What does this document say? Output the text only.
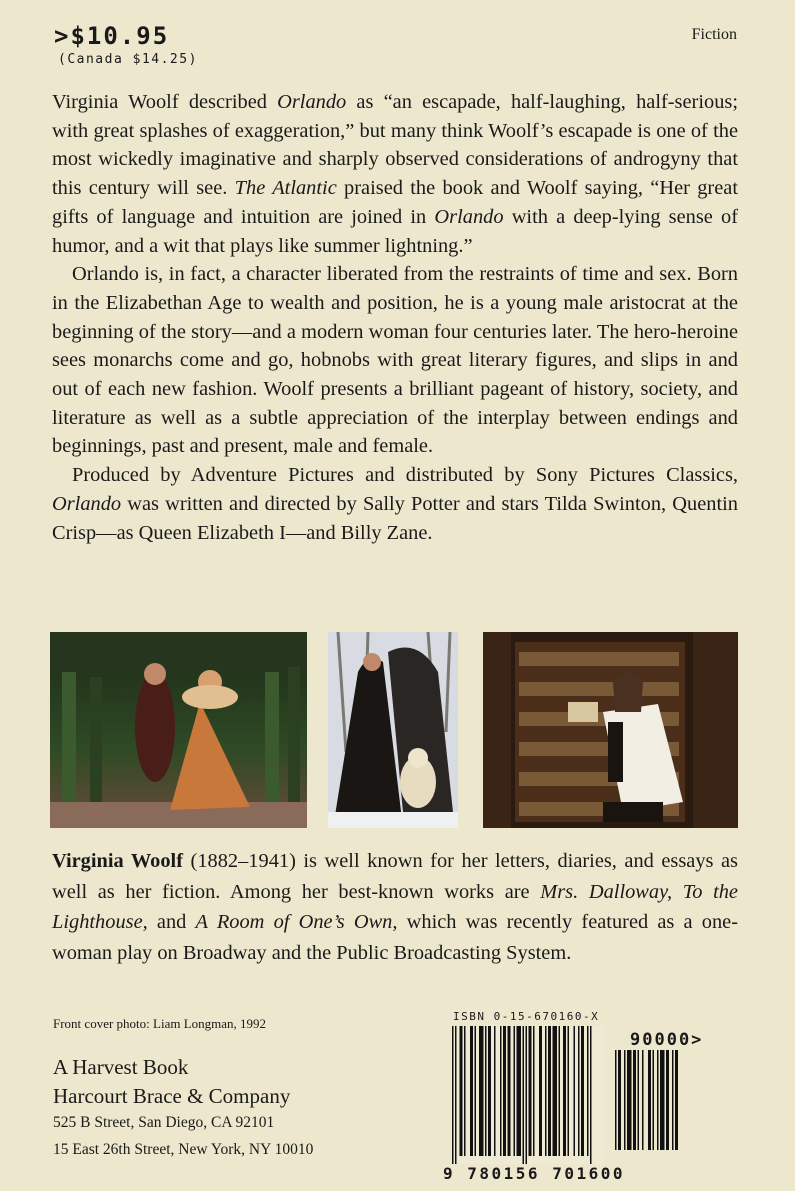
>$10.95
(Canada $14.25)
Fiction

Virginia Woolf described Orlando as “an escapade, half-laughing, half-serious; with great splashes of exaggeration,” but many think Woolf’s escapade is one of the most wickedly imaginative and sharply observed considerations of androgyny that this century will see. The Atlantic praised the book and Woolf saying, “Her great gifts of language and intuition are joined in Orlando with a deep-lying sense of humor, and a wit that plays like summer lightning.”

Orlando is, in fact, a character liberated from the restraints of time and sex. Born in the Elizabethan Age to wealth and position, he is a young male aristocrat at the beginning of the story—and a modern woman four centuries later. The hero-heroine sees monarchs come and go, hobnobs with great literary figures, and slips in and out of each new fashion. Woolf presents a brilliant pageant of history, society, and literature as well as a subtle appreciation of the interplay between endings and beginnings, past and present, male and female.

Produced by Adventure Pictures and distributed by Sony Pictures Classics, Orlando was written and directed by Sally Potter and stars Tilda Swinton, Quentin Crisp—as Queen Elizabeth I—and Billy Zane.

Virginia Woolf (1882–1941) is well known for her letters, diaries, and essays as well as her fiction. Among her best-known works are Mrs. Dalloway, To the Lighthouse, and A Room of One’s Own, which was recently featured as a one-woman play on Broadway and the Public Broadcasting System.

Front cover photo: Liam Longman, 1992
A Harvest Book
Harcourt Brace & Company
525 B Street, San Diego, CA 92101
15 East 26th Street, New York, NY 10010
ISBN 0-15-670160-X
9 780156 701600
90000>
